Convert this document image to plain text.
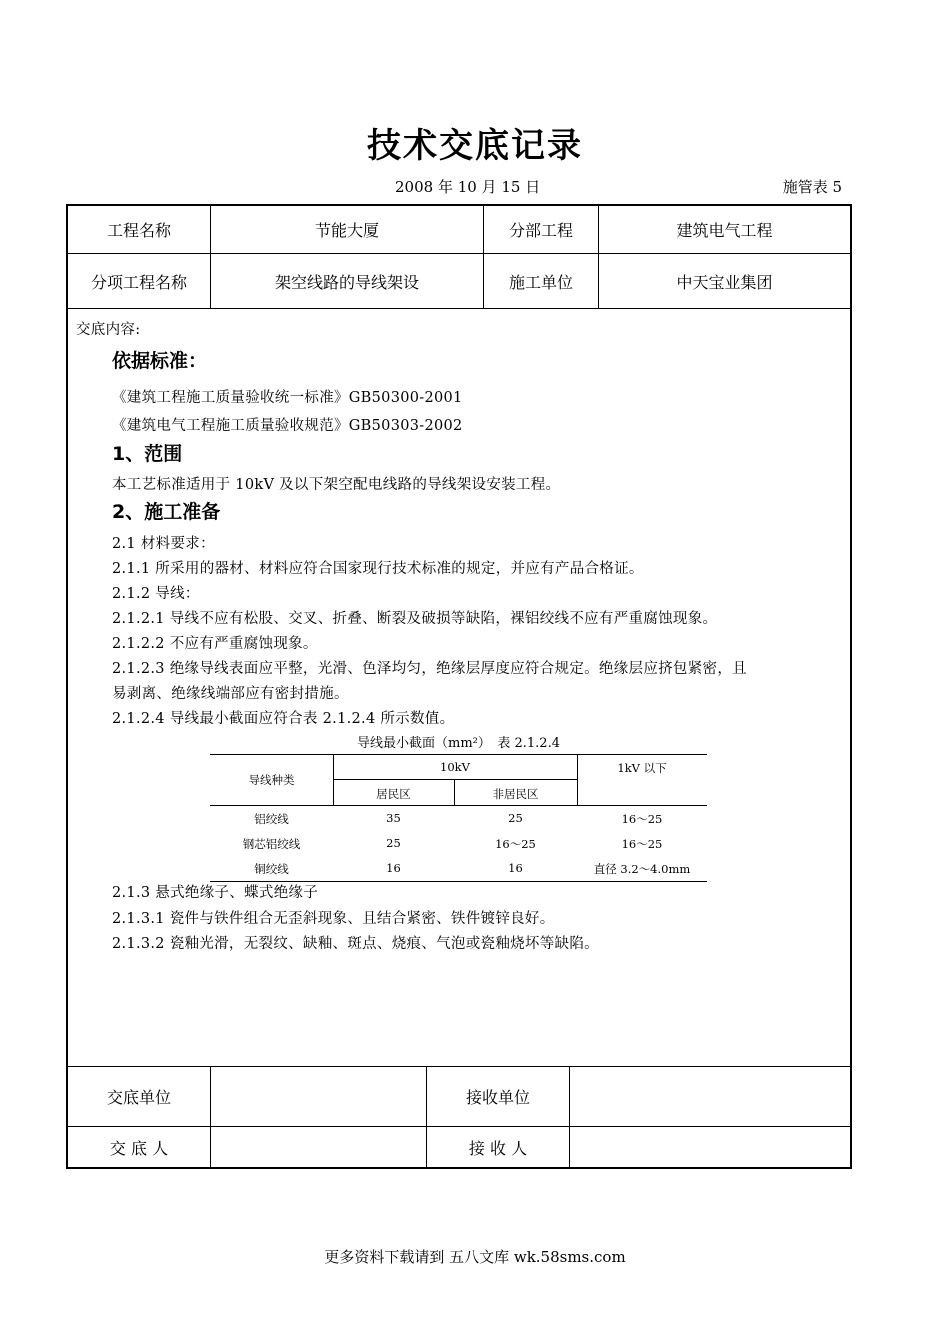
技术交底记录
2008 年 10 月 15 日	施管表 5
工程名称	节能大厦	分部工程	建筑电气工程
分项工程名称	架空线路的导线架设	施工单位	中天宝业集团
交底内容:
依据标准：
《建筑工程施工质量验收统一标准》GB50300-2001
《建筑电气工程施工质量验收规范》GB50303-2002
1、范围
本工艺标准适用于 10kV 及以下架空配电线路的导线架设安装工程。
2、施工准备
2.1 材料要求：
2.1.1 所采用的器材、材料应符合国家现行技术标准的规定，并应有产品合格证。
2.1.2 导线：
2.1.2.1 导线不应有松股、交叉、折叠、断裂及破损等缺陷，裸铝绞线不应有严重腐蚀现象。
2.1.2.2 不应有严重腐蚀现象。
2.1.2.3 绝缘导线表面应平整，光滑、色泽均匀，绝缘层厚度应符合规定。绝缘层应挤包紧密，且
易剥离、绝缘线端部应有密封措施。
2.1.2.4 导线最小截面应符合表 2.1.2.4 所示数值。
导线最小截面（mm²）　表 2.1.2.4
导线种类
10kV	1kV 以下
居民区	非居民区
铝绞线	35	25	16～25
钢芯铝绞线	25	16～25	16～25
铜绞线	16	16	直径 3.2～4.0mm
2.1.3 悬式绝缘子、蝶式绝缘子
2.1.3.1 瓷件与铁件组合无歪斜现象、且结合紧密、铁件镀锌良好。
2.1.3.2 瓷釉光滑，无裂纹、缺釉、斑点、烧痕、气泡或瓷釉烧坏等缺陷。
交底单位	接收单位
交 底 人	接 收 人
更多资料下载请到 五八文库 wk.58sms.com
